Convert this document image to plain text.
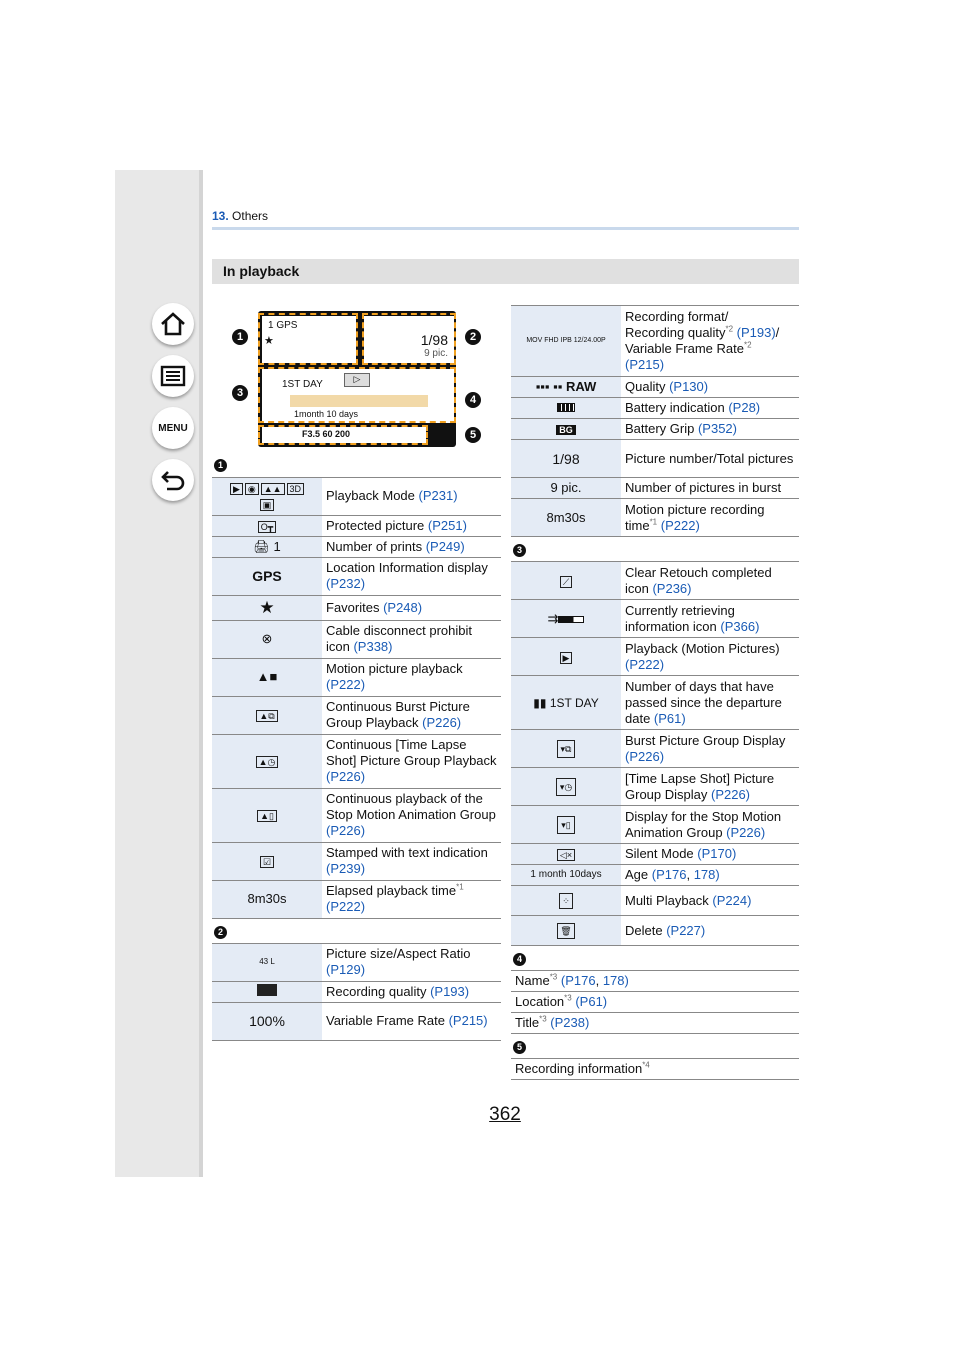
MENU
13. Others
In playback
1 GPS
★	1/98
9 pic.
1ST DAY	▷
1month 10 days
F3.5 60 200
1	2
3
4
5
1	
▶ ◉ ▲▲ 3D
▣	Playback Mode (P231)
O┳	Protected picture (P251)
🖨 1	Number of prints (P249)
GPS	Location Information display (P232)
★	Favorites (P248)
⊗	Cable disconnect prohibit icon (P338)
▲■	Motion picture playback (P222)
▲⧉	Continuous Burst Picture Group Playback (P226)
▲◷	Continuous [Time Lapse Shot] Picture Group Playback (P226)
▲▯	Continuous playback of the Stop Motion Animation Group (P226)
☑	Stamped with text indication (P239)
8m30s	Elapsed playback time$^{*1}$
(P222)
2	
43 L	Picture size/Aspect Ratio (P129)
	Recording quality (P193)
100%	Variable Frame Rate (P215)
MOV FHD IPB 12/24.00P	Recording format/
Recording quality$^{*2}$ (P193)/
Variable Frame Rate$^{*2}$
(P215)
▪▪▪ ▪▪ RAW	Quality (P130)
	Battery indication (P28)
BG	Battery Grip (P352)
1/98	Picture number/Total pictures
9 pic.	Number of pictures in burst
8m30s	Motion picture recording time$^{*1}$ (P222)
3	
⟋	Clear Retouch completed icon (P236)
⇉	Currently retrieving information icon (P366)
▶	Playback (Motion Pictures) (P222)
▮▮ 1ST DAY	Number of days that have passed since the departure date (P61)
▾⧉	Burst Picture Group Display (P226)
▾◷	[Time Lapse Shot] Picture Group Display (P226)
▾▯	Display for the Stop Motion Animation Group (P226)
◁×	Silent Mode (P170)
1 month 10days	Age (P176, 178)
⁘	Multi Playback (P224)
🗑	Delete (P227)
4	
Name$^{*3}$ (P176, 178)	
Location$^{*3}$ (P61)	
Title$^{*3}$ (P238)	
5	
Recording information$^{*4}$
362
